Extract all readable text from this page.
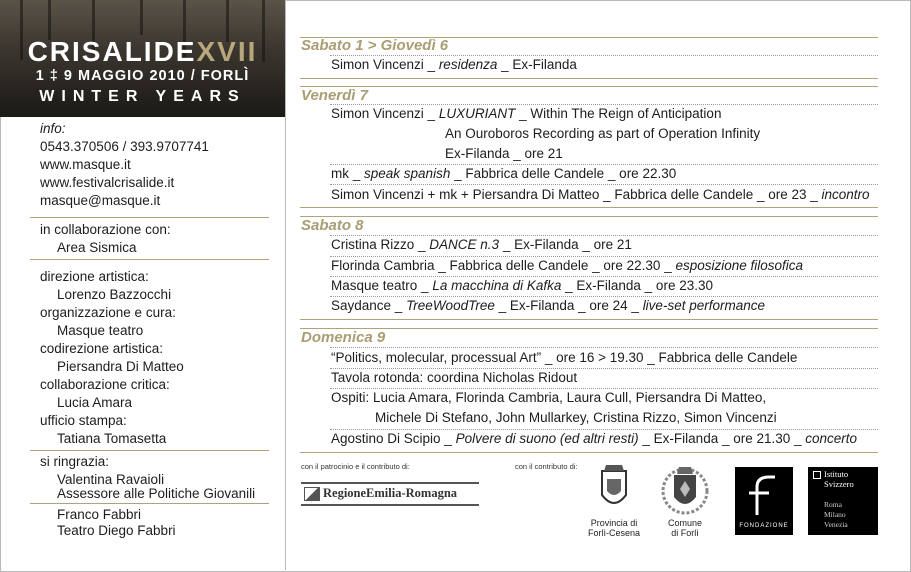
CRISALIDEXVII
1 ‡ 9 MAGGIO 2010 / FORLÌ
WINTER YEARS
info:
0543.370506 / 393.9707741
www.masque.it
www.festivalcrisalide.it
masque@masque.it
in collaborazione con:
Area Sismica
direzione artistica:
Lorenzo Bazzocchi
organizzazione e cura:
Masque teatro
codirezione artistica:
Piersandra Di Matteo
collaborazione critica:
Lucia Amara
ufficio stampa:
Tatiana Tomasetta
si ringrazia:
Valentina Ravaioli
Assessore alle Politiche Giovanili
Franco Fabbri
Teatro Diego Fabbri
Sabato 1 > Giovedì 6
Simon Vincenzi _ residenza _ Ex-Filanda
Venerdì 7
Simon Vincenzi _ LUXURIANT _ Within The Reign of Anticipation
An Ouroboros Recording as part of Operation Infinity
Ex-Filanda _ ore 21
mk _ speak spanish _ Fabbrica delle Candele _ ore 22.30
Simon Vincenzi + mk + Piersandra Di Matteo _ Fabbrica delle Candele _ ore 23 _ incontro
Sabato 8
Cristina Rizzo _ DANCE n.3 _ Ex-Filanda _ ore 21
Florinda Cambria _ Fabbrica delle Candele _ ore 22.30 _ esposizione filosofica
Masque teatro _ La macchina di Kafka _ Ex-Filanda _ ore 23.30
Saydance _ TreeWoodTree _ Ex-Filanda _ ore 24 _ live-set performance
Domenica 9
“Politics, molecular, processual Art” _ ore 16 > 19.30 _ Fabbrica delle Candele
Tavola rotonda: coordina Nicholas Ridout
Ospiti: Lucia Amara, Florinda Cambria, Laura Cull, Piersandra Di Matteo,
Michele Di Stefano, John Mullarkey, Cristina Rizzo, Simon Vincenzi
Agostino Di Scipio _ Polvere di suono (ed altri resti) _ Ex-Filanda _ ore 21.30 _ concerto
con il patrocinio e il contributo di:	con il contributo di:
RegioneEmilia-Romagna
Provincia di
Forlì-Cesena
Comune
di Forlì
FONDAZIONE
Istituto
Svizzero
Roma
Milano
Venezia
